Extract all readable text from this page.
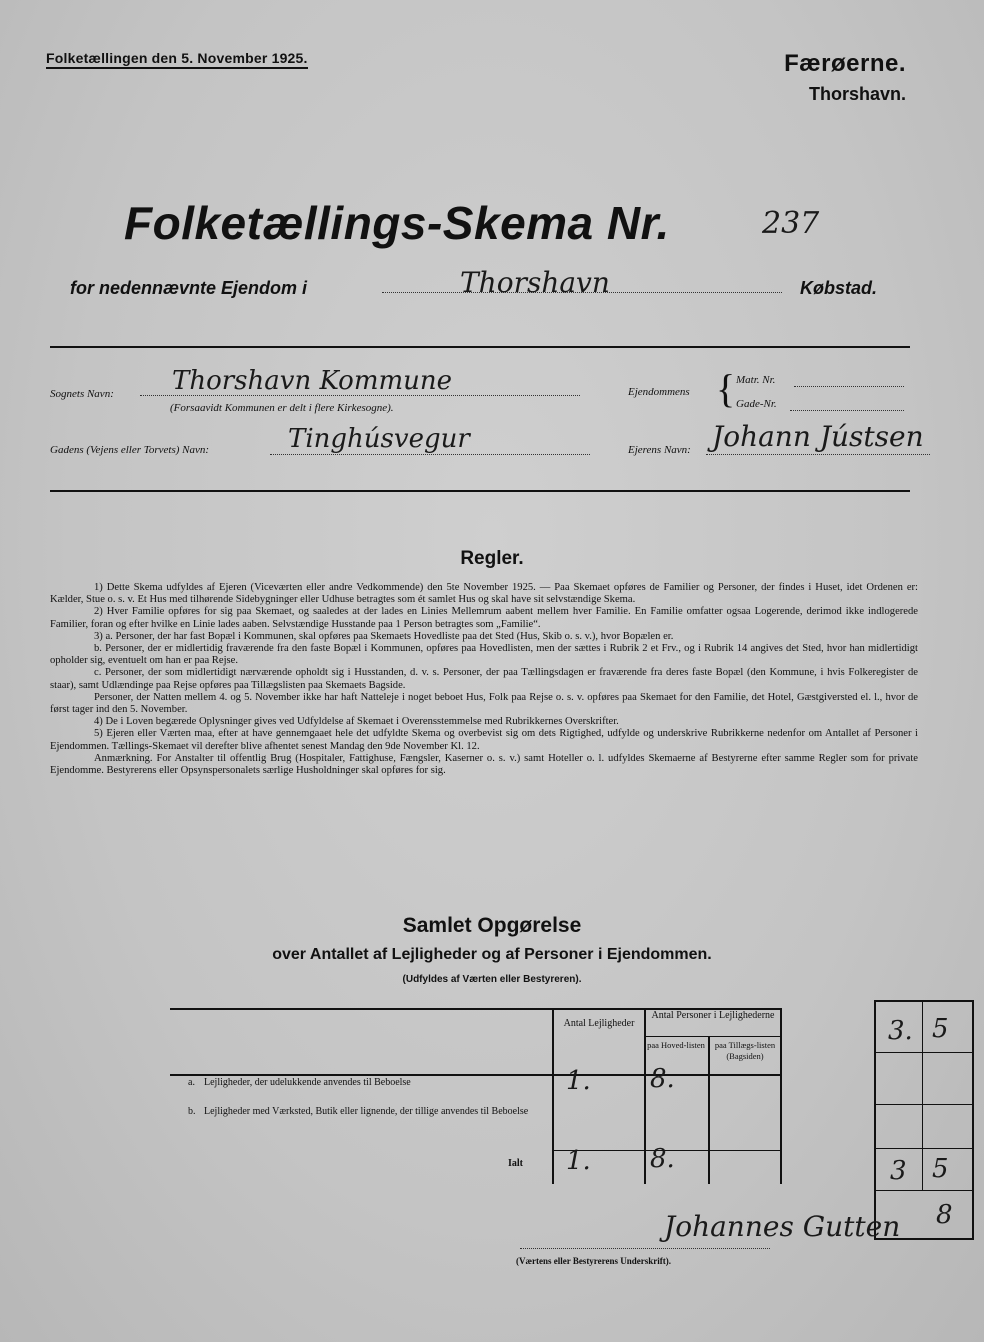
Folketællingen den 5. November 1925.	Færøerne.
Thorshavn.
Folketællings-Skema Nr.	237
for nedennævnte Ejendom i	Thorshavn	Købstad.
Sognets Navn: Thorshavn Kommune
(Forsaavidt Kommunen er delt i flere Kirkesogne).
Ejendommens { Matr. Nr.
Gade-Nr.
Gadens (Vejens eller Torvets) Navn:	Tinghúsvegur	Ejerens Navn: Johann Jústsen
Regler.

1) Dette Skema udfyldes af Ejeren (Viceværten eller andre Vedkommende) den 5te November 1925. — Paa Skemaet opføres de Familier og Personer, der findes i Huset, idet Ordenen er: Kælder, Stue o. s. v. Et Hus med tilhørende Sidebygninger eller Udhuse betragtes som ét samlet Hus og skal have sit selvstændige Skema.

2) Hver Familie opføres for sig paa Skemaet, og saaledes at der lades en Linies Mellemrum aabent mellem hver Familie. En Familie omfatter ogsaa Logerende, derimod ikke indlogerede Familier, foran og efter hvilke en Linie lades aaben. Selvstændige Husstande paa 1 Person betragtes som „Familie“.

3) a. Personer, der har fast Bopæl i Kommunen, skal opføres paa Skemaets Hovedliste paa det Sted (Hus, Skib o. s. v.), hvor Bopælen er.

b. Personer, der er midlertidig fraværende fra den faste Bopæl i Kommunen, opføres paa Hovedlisten, men der sættes i Rubrik 2 et Frv., og i Rubrik 14 angives det Sted, hvor han midlertidigt opholder sig, eventuelt om han er paa Rejse.

c. Personer, der som midlertidigt nærværende opholdt sig i Husstanden, d. v. s. Personer, der paa Tællingsdagen er fraværende fra deres faste Bopæl (den Kommune, i hvis Folkeregister de staar), samt Udlændinge paa Rejse opføres paa Tillægslisten paa Skemaets Bagside.

Personer, der Natten mellem 4. og 5. November ikke har haft Natteleje i noget beboet Hus, Folk paa Rejse o. s. v. opføres paa Skemaet for den Familie, det Hotel, Gæstgiversted el. l., hvor de først tager ind den 5. November.

4) De i Loven begærede Oplysninger gives ved Udfyldelse af Skemaet i Overensstemmelse med Rubrikkernes Overskrifter.

5) Ejeren eller Værten maa, efter at have gennemgaaet hele det udfyldte Skema og overbevist sig om dets Rigtighed, udfylde og underskrive Rubrikkerne nedenfor om Antallet af Personer i Ejendommen. Tællings-Skemaet vil derefter blive afhentet senest Mandag den 9de November Kl. 12.

Anmærkning. For Anstalter til offentlig Brug (Hospitaler, Fattighuse, Fængsler, Kaserner o. s. v.) samt Hoteller o. l. udfyldes Skemaerne af Bestyrerne efter samme Regler som for private Ejendomme. Bestyrerens eller Opsynspersonalets særlige Husholdninger skal opføres for sig.

Samlet Opgørelse
over Antallet af Lejligheder og af Personer i Ejendommen.
(Udfyldes af Værten eller Bestyreren).
Antal Lejligheder
Antal Personer i Lejlighederne
paa Hoved-listen	paa Tillægs-listen (Bagsiden)
a. Lejligheder, der udelukkende anvendes til Beboelse	1. 8.
b. Lejligheder med Værksted, Butik eller lignende, der tillige anvendes til Beboelse
Ialt 1. 8.
3. 5
3 5
8
Johannes Gutten
(Værtens eller Bestyrerens Underskrift).
